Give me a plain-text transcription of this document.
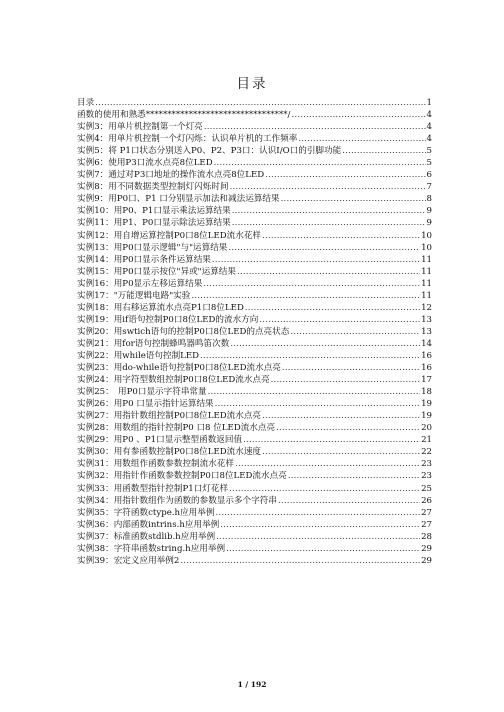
目录
目录 .....	1
函数的使用和熟悉*********************************/ .....	4
实例3：用单片机控制第一个灯亮 .....	4
实例4：用单片机控制一个灯闪烁：认识单片机的工作频率 .....	4
实例5：将 P1口状态分别送入P0、P2、P3口：认识I/O口的引脚功能 .....	5
实例6：使用P3口流水点亮8位LED .....	5
实例7：通过对P3口地址的操作流水点亮8位LED .....	6
实例8：用不同数据类型控制灯闪烁时间 .....	7
实例9：用P0口、P1 口分别显示加法和减法运算结果 .....	8
实例10：用P0、P1口显示乘法运算结果 .....	9
实例11：用P1、P0口显示除法运算结果 .....	9
实例12：用自增运算控制P0口8位LED流水花样 .....	10
实例13：用P0口显示逻辑"与"运算结果 .....	10
实例14：用P0口显示条件运算结果 .....	11
实例15：用P0口显示按位"异或"运算结果 .....	11
实例16：用P0显示左移运算结果 .....	11
实例17："万能逻辑电路"实验 .....	11
实例18：用右移运算流水点亮P1口8位LED .....	12
实例19：用if语句控制P0口8位LED的流水方向 .....	13
实例20：用swtich语句的控制P0口8位LED的点亮状态 .....	13
实例21：用for语句控制蜂鸣器鸣笛次数 .....	14
实例22：用while语句控制LED .....	16
实例23：用do-while语句控制P0口8位LED流水点亮 .....	16
实例24：用字符型数组控制P0口8位LED流水点亮 .....	17
实例25：　用P0口显示字符串常量 .....	18
实例26：用P0 口显示指针运算结果 .....	19
实例27：用指针数组控制P0口8位LED流水点亮 .....	19
实例28：用数组的指针控制P0 口8 位LED流水点亮 .....	20
实例29：用P0 、P1口显示整型函数返回值 .....	21
实例30：用有参函数控制P0口8位LED流水速度 .....	22
实例31：用数组作函数参数控制流水花样 .....	23
实例32：用指针作函数参数控制P0口8位LED流水点亮 .....	23
实例33：用函数型指针控制P1口灯花样 .....	25
实例34：用指针数组作为函数的参数显示多个字符串 .....	26
实例35：字符函数ctype.h应用举例 .....	27
实例36：内部函数intrins.h应用举例 .....	27
实例37：标准函数stdlib.h应用举例 .....	28
实例38：字符串函数string.h应用举例 .....	29
实例39：宏定义应用举例2 .....	29
1 / 192
